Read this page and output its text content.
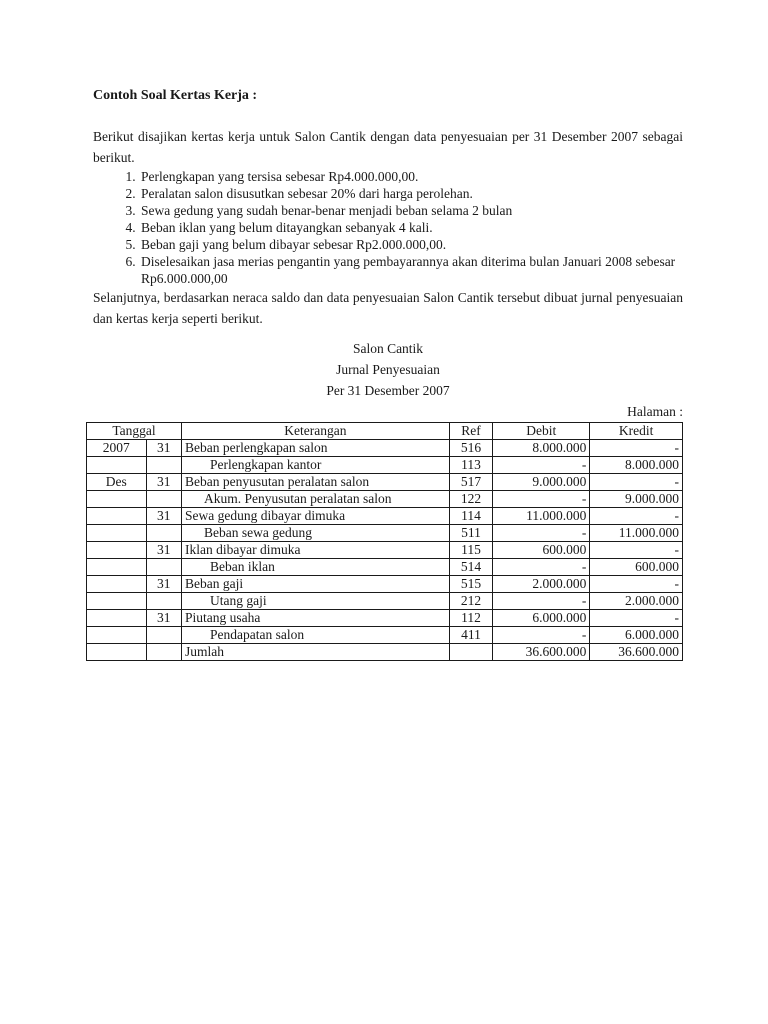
Contoh Soal Kertas Kerja :

Berikut disajikan kertas kerja untuk Salon Cantik dengan data penyesuaian per 31 Desember 2007 sebagai berikut.

1. Perlengkapan yang tersisa sebesar Rp4.000.000,00.
2. Peralatan salon disusutkan sebesar 20% dari harga perolehan.
3. Sewa gedung yang sudah benar-benar menjadi beban selama 2 bulan
4. Beban iklan yang belum ditayangkan sebanyak 4 kali.
5. Beban gaji yang belum dibayar sebesar Rp2.000.000,00.
6. Diselesaikan jasa merias pengantin yang pembayarannya akan diterima bulan Januari 2008 sebesar Rp6.000.000,00

Selanjutnya, berdasarkan neraca saldo dan data penyesuaian Salon Cantik tersebut dibuat jurnal penyesuaian dan kertas kerja seperti berikut.

Salon Cantik
Jurnal Penyesuaian
Per 31 Desember 2007
Halaman :
Tanggal		Keterangan	Ref	Debit	Kredit
2007	31	Beban perlengkapan salon	516	8.000.000	-
		Perlengkapan kantor	113	-	8.000.000
Des	31	Beban penyusutan peralatan salon	517	9.000.000	-
		Akum. Penyusutan peralatan salon	122	-	9.000.000
	31	Sewa gedung dibayar dimuka	114	11.000.000	-
		Beban sewa gedung	511	-	11.000.000
	31	Iklan dibayar dimuka	115	600.000	-
		Beban iklan	514	-	600.000
	31	Beban gaji	515	2.000.000	-
		Utang gaji	212	-	2.000.000
	31	Piutang usaha	112	6.000.000	-
		Pendapatan salon	411	-	6.000.000
		Jumlah		36.600.000	36.600.000
